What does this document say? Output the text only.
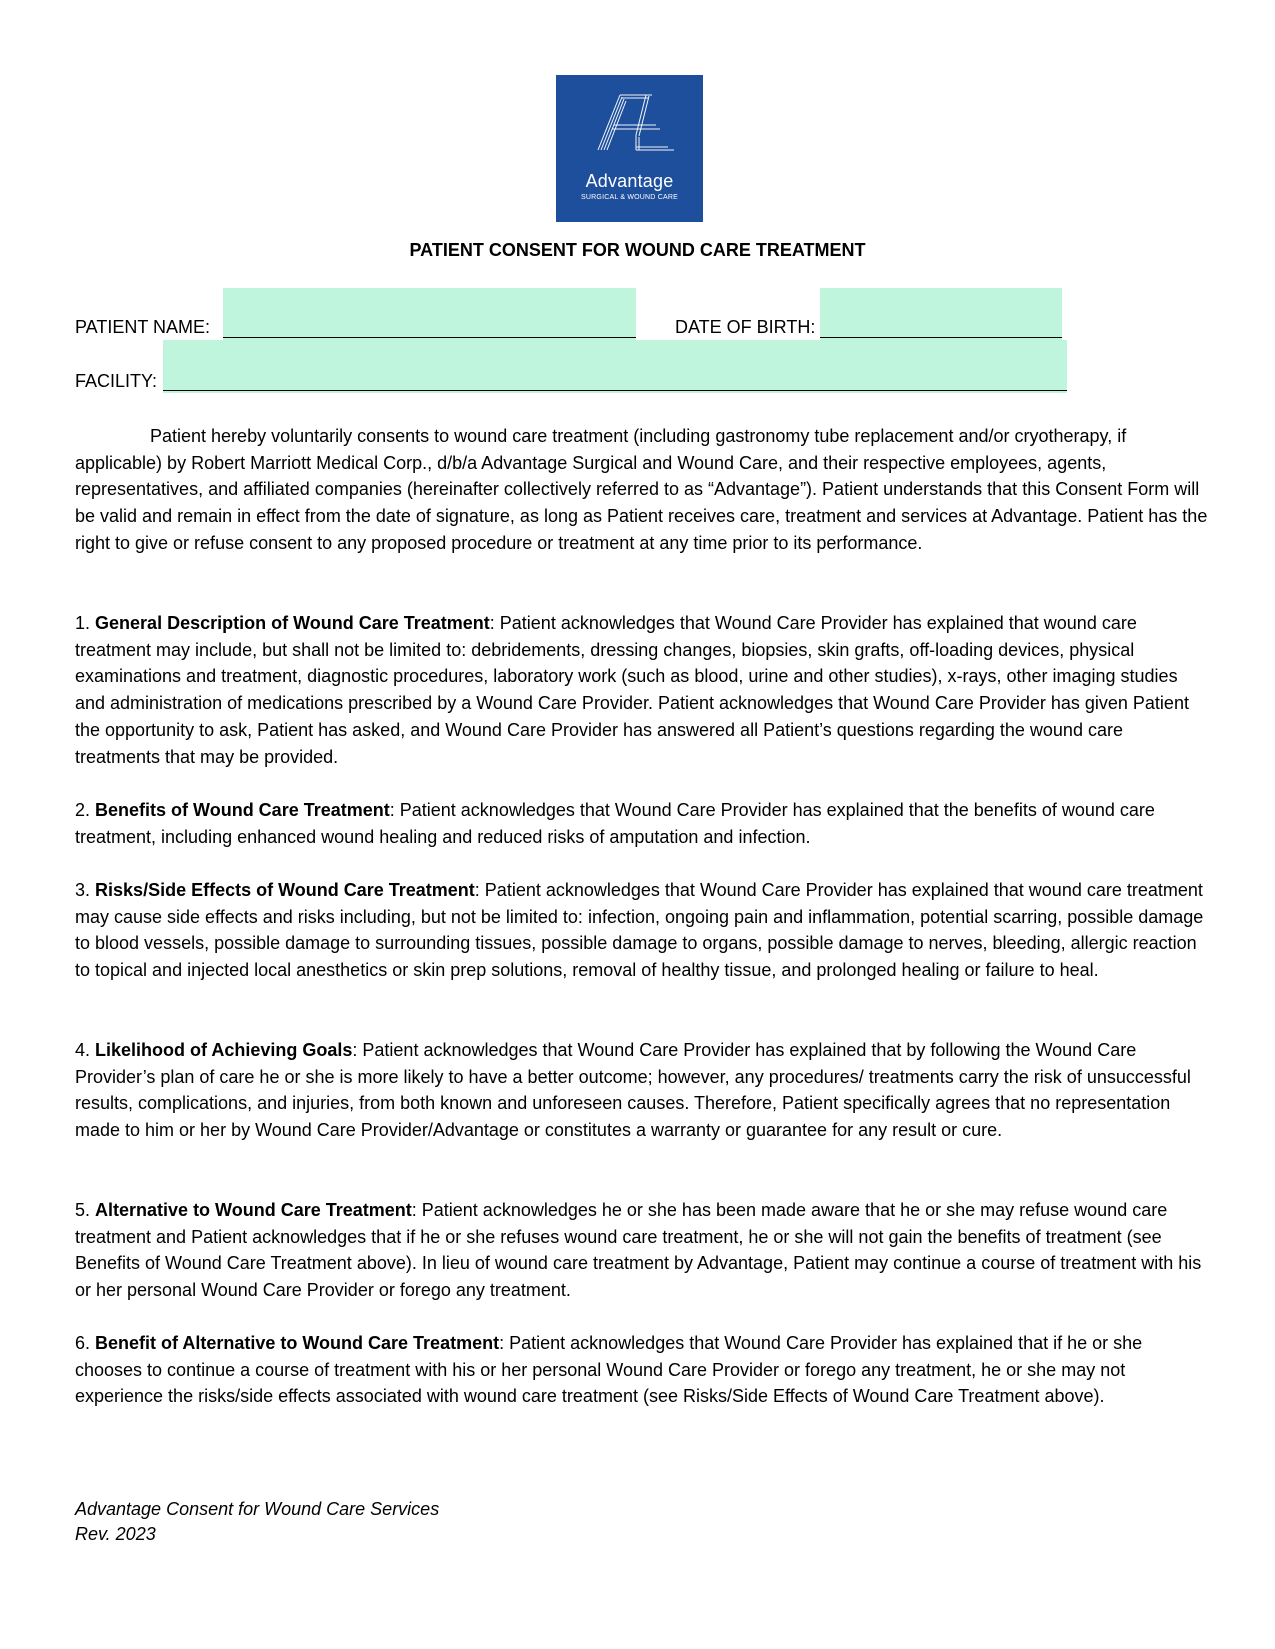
Advantage
SURGICAL & WOUND CARE
PATIENT CONSENT FOR WOUND CARE TREATMENT
PATIENT NAME:	DATE OF BIRTH:
FACILITY:

Patient hereby voluntarily consents to wound care treatment (including gastronomy tube replacement and/or cryotherapy, if applicable) by Robert Marriott Medical Corp., d/b/a Advantage Surgical and Wound Care, and their respective employees, agents, representatives, and affiliated companies (hereinafter collectively referred to as “Advantage”). Patient understands that this Consent Form will be valid and remain in effect from the date of signature, as long as Patient receives care, treatment and services at Advantage. Patient has the right to give or refuse consent to any proposed procedure or treatment at any time prior to its performance.

1. General Description of Wound Care Treatment: Patient acknowledges that Wound Care Provider has explained that wound care treatment may include, but shall not be limited to: debridements, dressing changes, biopsies, skin grafts, off-loading devices, physical examinations and treatment, diagnostic procedures, laboratory work (such as blood, urine and other studies), x-rays, other imaging studies and administration of medications prescribed by a Wound Care Provider. Patient acknowledges that Wound Care Provider has given Patient the opportunity to ask, Patient has asked, and Wound Care Provider has answered all Patient’s questions regarding the wound care treatments that may be provided.

2. Benefits of Wound Care Treatment: Patient acknowledges that Wound Care Provider has explained that the benefits of wound care treatment, including enhanced wound healing and reduced risks of amputation and infection.

3. Risks/Side Effects of Wound Care Treatment: Patient acknowledges that Wound Care Provider has explained that wound care treatment may cause side effects and risks including, but not be limited to: infection, ongoing pain and inflammation, potential scarring, possible damage to blood vessels, possible damage to surrounding tissues, possible damage to organs, possible damage to nerves, bleeding, allergic reaction to topical and injected local anesthetics or skin prep solutions, removal of healthy tissue, and prolonged healing or failure to heal.

4. Likelihood of Achieving Goals: Patient acknowledges that Wound Care Provider has explained that by following the Wound Care Provider’s plan of care he or she is more likely to have a better outcome; however, any procedures/ treatments carry the risk of unsuccessful results, complications, and injuries, from both known and unforeseen causes. Therefore, Patient specifically agrees that no representation made to him or her by Wound Care Provider/Advantage or constitutes a warranty or guarantee for any result or cure.

5. Alternative to Wound Care Treatment: Patient acknowledges he or she has been made aware that he or she may refuse wound care treatment and Patient acknowledges that if he or she refuses wound care treatment, he or she will not gain the benefits of treatment (see Benefits of Wound Care Treatment above). In lieu of wound care treatment by Advantage, Patient may continue a course of treatment with his or her personal Wound Care Provider or forego any treatment.

6. Benefit of Alternative to Wound Care Treatment: Patient acknowledges that Wound Care Provider has explained that if he or she chooses to continue a course of treatment with his or her personal Wound Care Provider or forego any treatment, he or she may not experience the risks/side effects associated with wound care treatment (see Risks/Side Effects of Wound Care Treatment above).

Advantage Consent for Wound Care Services
Rev. 2023
